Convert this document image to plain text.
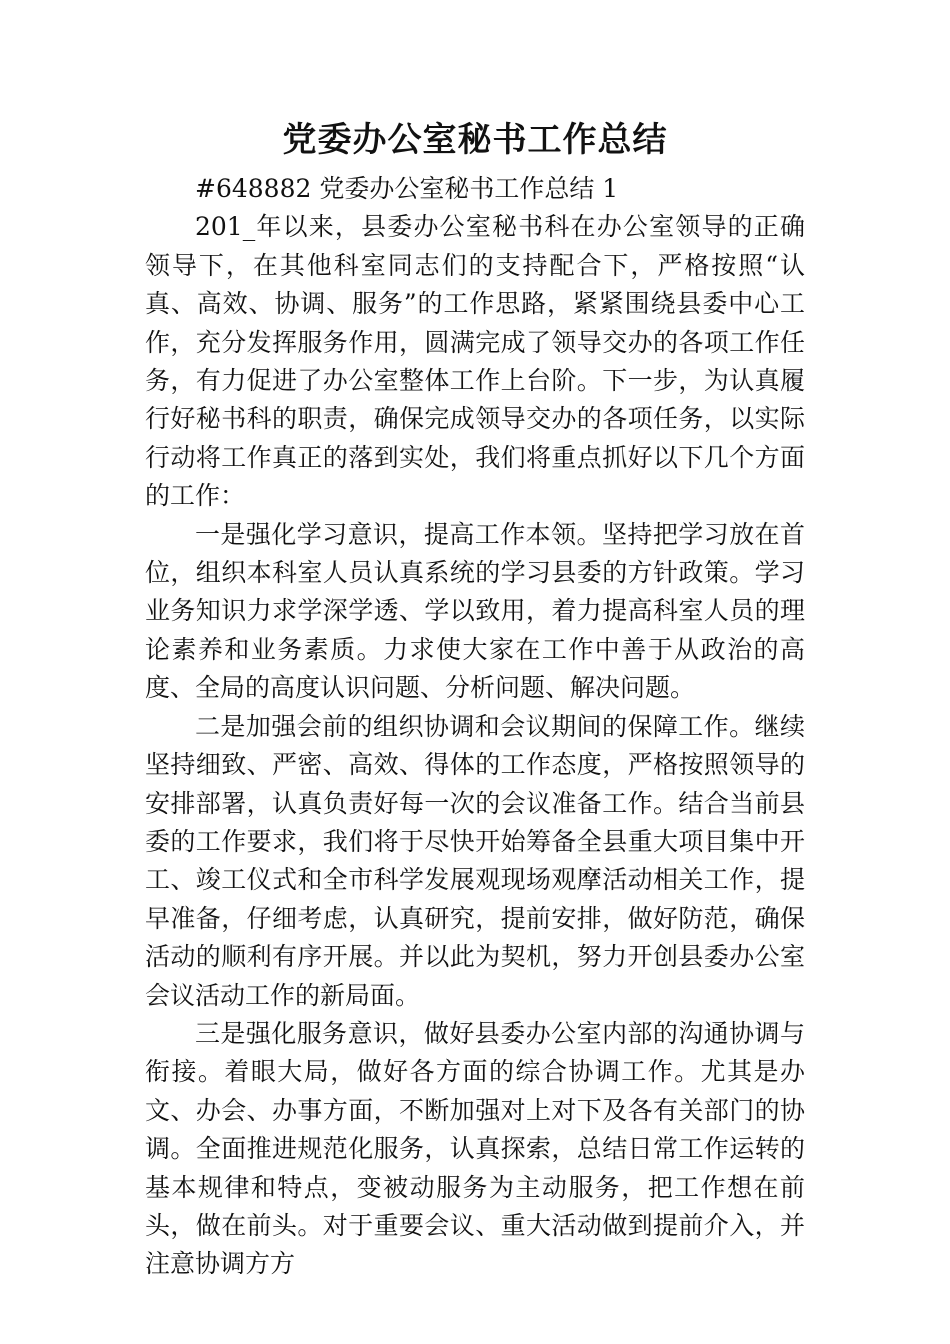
党委办公室秘书工作总结

#648882 党委办公室秘书工作总结 1

201_年以来，县委办公室秘书科在办公室领导的正确领导下，在其他科室同志们的支持配合下，严格按照“认真、高效、协调、服务”的工作思路，紧紧围绕县委中心工作，充分发挥服务作用，圆满完成了领导交办的各项工作任务，有力促进了办公室整体工作上台阶。下一步，为认真履行好秘书科的职责，确保完成领导交办的各项任务，以实际行动将工作真正的落到实处，我们将重点抓好以下几个方面的工作：

一是强化学习意识，提高工作本领。坚持把学习放在首位，组织本科室人员认真系统的学习县委的方针政策。学习业务知识力求学深学透、学以致用，着力提高科室人员的理论素养和业务素质。力求使大家在工作中善于从政治的高度、全局的高度认识问题、分析问题、解决问题。

二是加强会前的组织协调和会议期间的保障工作。继续坚持细致、严密、高效、得体的工作态度，严格按照领导的安排部署，认真负责好每一次的会议准备工作。结合当前县委的工作要求，我们将于尽快开始筹备全县重大项目集中开工、竣工仪式和全市科学发展观现场观摩活动相关工作，提早准备，仔细考虑，认真研究，提前安排，做好防范，确保活动的顺利有序开展。并以此为契机，努力开创县委办公室会议活动工作的新局面。

三是强化服务意识，做好县委办公室内部的沟通协调与衔接。着眼大局，做好各方面的综合协调工作。尤其是办文、办会、办事方面，不断加强对上对下及各有关部门的协调。全面推进规范化服务，认真探索，总结日常工作运转的基本规律和特点，变被动服务为主动服务，把工作想在前头，做在前头。对于重要会议、重大活动做到提前介入，并注意协调方方
